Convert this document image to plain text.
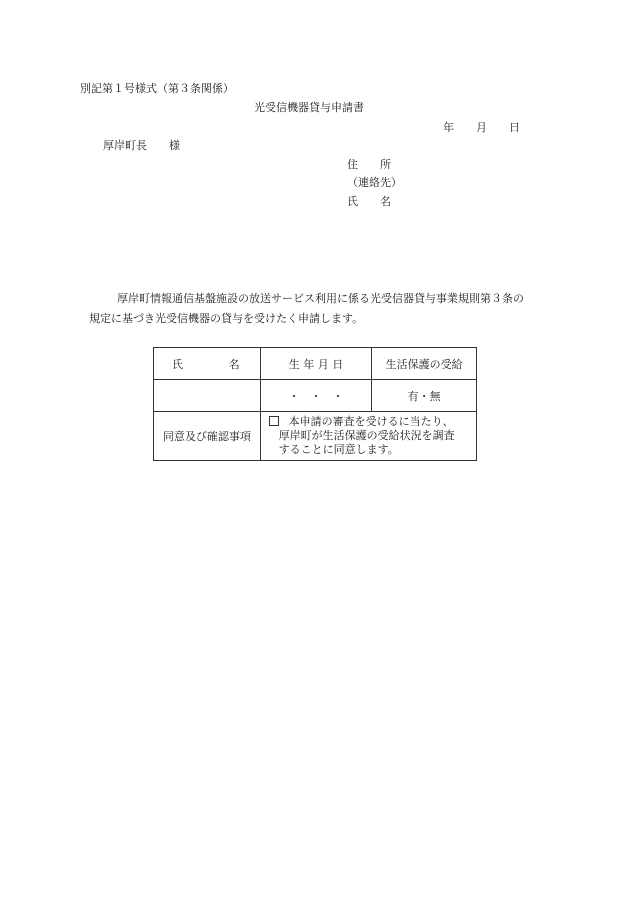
別記第１号様式（第３条関係）
光受信機器貸与申請書
年 月 日
厚岸町長 様
住 所
（連絡先）
氏 名

厚岸町情報通信基盤施設の放送サービス利用に係る光受信器貸与事業規則第３条の

規定に基づき光受信機器の貸与を受けたく申請します。

氏 名	生 年 月 日	生活保護の受給
	・　・　・	有・無
同意及び確認事項	本申請の審査を受けるに当たり、
厚岸町が生活保護の受給状況を調査
することに同意します。	
